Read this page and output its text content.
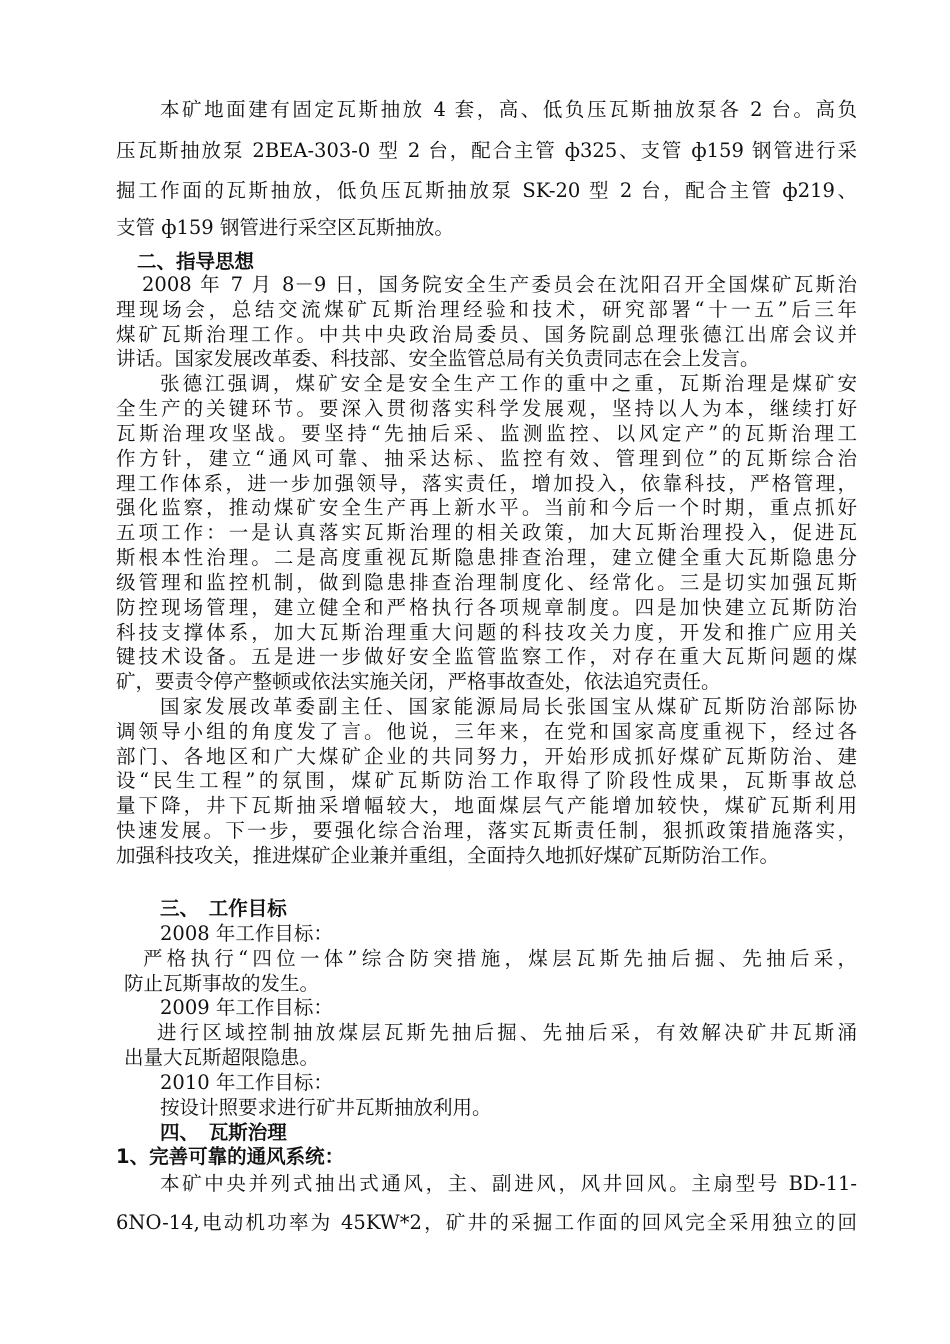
本矿地面建有固定瓦斯抽放 4 套，高、低负压瓦斯抽放泵各 2 台。高负
压瓦斯抽放泵 2BEA-303-0 型 2 台，配合主管 ф325、支管 ф159 钢管进行采
掘工作面的瓦斯抽放，低负压瓦斯抽放泵 SK-20 型 2 台，配合主管 ф219、
支管 ф159 钢管进行采空区瓦斯抽放。
二、指导思想
2008 年 7 月 8－9 日，国务院安全生产委员会在沈阳召开全国煤矿瓦斯治
理现场会，总结交流煤矿瓦斯治理经验和技术，研究部署“十一五”后三年
煤矿瓦斯治理工作。中共中央政治局委员、国务院副总理张德江出席会议并
讲话。国家发展改革委、科技部、安全监管总局有关负责同志在会上发言。
张德江强调，煤矿安全是安全生产工作的重中之重，瓦斯治理是煤矿安
全生产的关键环节。要深入贯彻落实科学发展观，坚持以人为本，继续打好
瓦斯治理攻坚战。要坚持“先抽后采、监测监控、以风定产”的瓦斯治理工
作方针，建立“通风可靠、抽采达标、监控有效、管理到位”的瓦斯综合治
理工作体系，进一步加强领导，落实责任，增加投入，依靠科技，严格管理，
强化监察，推动煤矿安全生产再上新水平。当前和今后一个时期，重点抓好
五项工作：一是认真落实瓦斯治理的相关政策，加大瓦斯治理投入，促进瓦
斯根本性治理。二是高度重视瓦斯隐患排查治理，建立健全重大瓦斯隐患分
级管理和监控机制，做到隐患排查治理制度化、经常化。三是切实加强瓦斯
防控现场管理，建立健全和严格执行各项规章制度。四是加快建立瓦斯防治
科技支撑体系，加大瓦斯治理重大问题的科技攻关力度，开发和推广应用关
键技术设备。五是进一步做好安全监管监察工作，对存在重大瓦斯问题的煤
矿，要责令停产整顿或依法实施关闭，严格事故查处，依法追究责任。
国家发展改革委副主任、国家能源局局长张国宝从煤矿瓦斯防治部际协
调领导小组的角度发了言。他说，三年来，在党和国家高度重视下，经过各
部门、各地区和广大煤矿企业的共同努力，开始形成抓好煤矿瓦斯防治、建
设“民生工程”的氛围，煤矿瓦斯防治工作取得了阶段性成果，瓦斯事故总
量下降，井下瓦斯抽采增幅较大，地面煤层气产能增加较快，煤矿瓦斯利用
快速发展。下一步，要强化综合治理，落实瓦斯责任制，狠抓政策措施落实，
加强科技攻关，推进煤矿企业兼并重组，全面持久地抓好煤矿瓦斯防治工作。
三、　工作目标
2008 年工作目标：
严格执行“四位一体”综合防突措施，煤层瓦斯先抽后掘、先抽后采，
防止瓦斯事故的发生。
2009 年工作目标：
进行区域控制抽放煤层瓦斯先抽后掘、先抽后采，有效解决矿井瓦斯涌
出量大瓦斯超限隐患。
2010 年工作目标：
按设计照要求进行矿井瓦斯抽放利用。
四、　瓦斯治理
1、完善可靠的通风系统：
本矿中央并列式抽出式通风，主、副进风，风井回风。主扇型号 BD-11-
6NO-14,电动机功率为 45KW*2，矿井的采掘工作面的回风完全采用独立的回
